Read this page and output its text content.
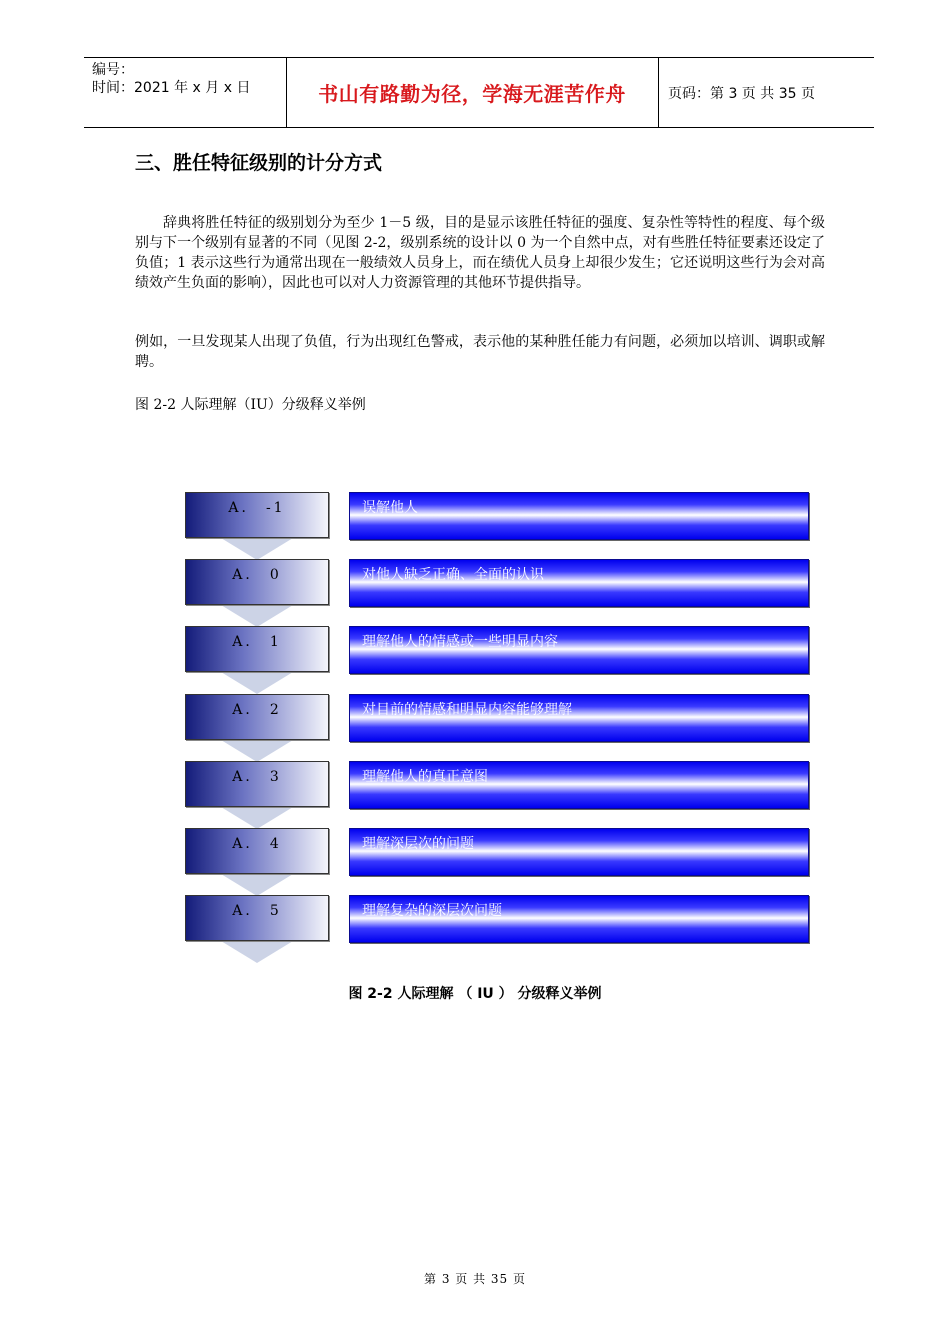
编号：
时间：2021 年 x 月 x 日	书山有路勤为径，学海无涯苦作舟	页码：第 3 页 共 35 页
三、胜任特征级别的计分方式
辞典将胜任特征的级别划分为至少 1－5 级，目的是显示该胜任特征的强度、复杂性等特性的程度、每个级别与下一个级别有显著的不同（见图 2-2，级别系统的设计以 0 为一个自然中点，对有些胜任特征要素还设定了负值；1 表示这些行为通常出现在一般绩效人员身上，而在绩优人员身上却很少发生；它还说明这些行为会对高绩效产生负面的影响），因此也可以对人力资源管理的其他环节提供指导。
例如，一旦发现某人出现了负值，行为出现红色警戒，表示他的某种胜任能力有问题，必须加以培训、调职或解聘。
图 2-2 人际理解（IU）分级释义举例
A． -1	误解他人
A． 0	对他人缺乏正确、全面的认识
A． 1	理解他人的情感或一些明显内容
A． 2	对目前的情感和明显内容能够理解
A． 3	理解他人的真正意图
A． 4	理解深层次的问题
A． 5	理解复杂的深层次问题
图 2-2 人际理解 （ IU ） 分级释义举例
第 3 页 共 35 页
